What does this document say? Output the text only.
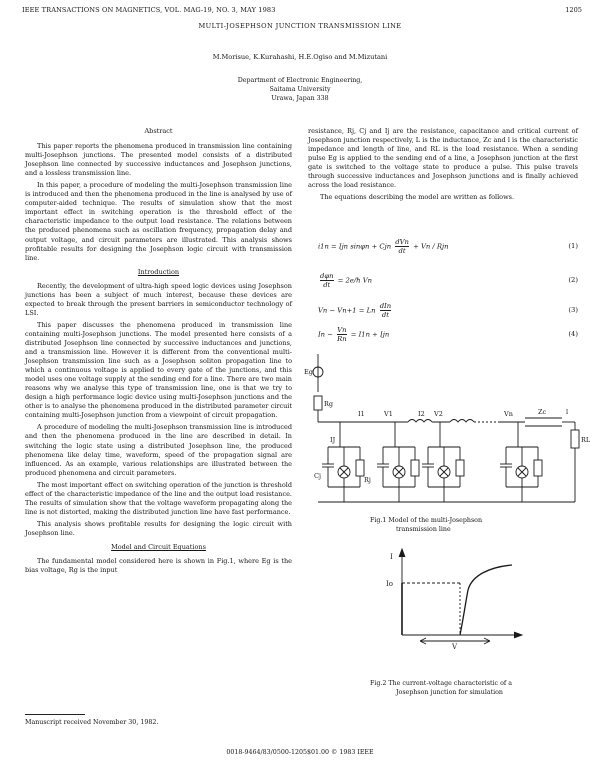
IEEE TRANSACTIONS ON MAGNETICS, VOL. MAG-19, NO. 3, MAY 1983	1205
MULTI-JOSEPHSON JUNCTION TRANSMISSION LINE
M.Morisue, K.Kurahashi, H.E.Ogiso and M.Mizutani
Department of Electronic Engineering,
Saitama University
Urawa, Japan 338
Abstract

This paper reports the phenomena produced in transmission line containing multi-Josephson junctions. The presented model consists of a distributed Josephson line connected by successive inductances and Josephson junctions, and a lossless transmission line.

In this paper, a procedure of modeling the multi-Josephson transmission line is introduced and then the phenomena produced in the line is analysed by use of computer-aided technique. The results of simulation show that the most important effect in switching operation is the threshold effect of the characteristic impedance to the output load resistance. The relations between the produced phenomena such as oscillation frequency, propagation delay and output voltage, and circuit parameters are illustrated. This analysis shows profitable results for designing the Josephson logic circuit with transmission line.

Introduction

Recently, the development of ultra-high speed logic devices using Josephson junctions has been a subject of much interest, because these devices are expected to break through the present barriers in semiconductor technology of LSI.

This paper discusses the phenomena produced in transmission line containing multi-Josephson junctions. The model presented here consists of a distributed Josephson line connected by successive inductances and junctions, and a transmission line. However it is different from the conventional multi-Josephson transmission line such as a Josephson soliton propagation line to which a continuous voltage is applied to every gate of the junctions, and this model uses one voltage supply at the sending end for a line. There are two main reasons why we analyse this type of transmission line, one is that we try to design a high performance logic device using multi-Josephson junctions and the other is to analyse the phenomena produced in the distributed parameter circuit containing multi-Josephson junction from a viewpoint of circuit propagation.

A procedure of modeling the multi-Josephson transmission line is introduced and then the phenomena produced in the line are described in detail. In switching the logic state using a distributed Josephson line, the produced phenomena like delay time, waveform, speed of the propagation signal are influenced. As an example, various relationships are illustrated between the produced phenomena and circuit parameters.

The most important effect on switching operation of the junction is threshold effect of the characteristic impedance of the line and the output load resistance. The results of simulation show that the voltage waveform propagating along the line is not distorted, making the distributed junction line have fast performance.

This analysis shows profitable results for designing the logic circuit with Josephson line.

Model and Circuit Equations

The fundamental model considered here is shown in Fig.1, where Eg is the bias voltage, Rg is the input

Manuscript received November 30, 1982.

resistance, Rj, Cj and Ij are the resistance, capacitance and critical current of Josephson junction respectively, L is the inductance, Zc and l is the characteristic impedance and length of line, and RL is the load resistance. When a sending pulse Eg is applied to the sending end of a line, a Josephson junction at the first gate is switched to the voltage state to produce a pulse. This pulse travels through successive inductances and Josephson junctions and is finally achieved across the load resistance.

The equations describing the model are written as follows.

i1n = Ijn sinφn + Cjn $\frac{\text{dVn}}{dt} + Vn$ / Rjn	(1)
$\frac{\text{dφn}}{dt}$ = 2e/ℏ Vn	(2)
Vn − Vn+1 = Ln $\frac{\text{dIn}}{dt}$	(3)
$In - \frac{Vn}{Rn} = I1n$ + Ijn	(4)
Eg
Rg
I1	V1	I2 V2	Vn	Zc	l
RL
IJ
Cj	Rj
Fig.1 Model of the multi-Josephson
transmission line
I
Io
V
Fig.2 The current-voltage characteristic of a
Josephson junction for simulation
0018-9464/83/0500-1205$01.00 © 1983 IEEE
